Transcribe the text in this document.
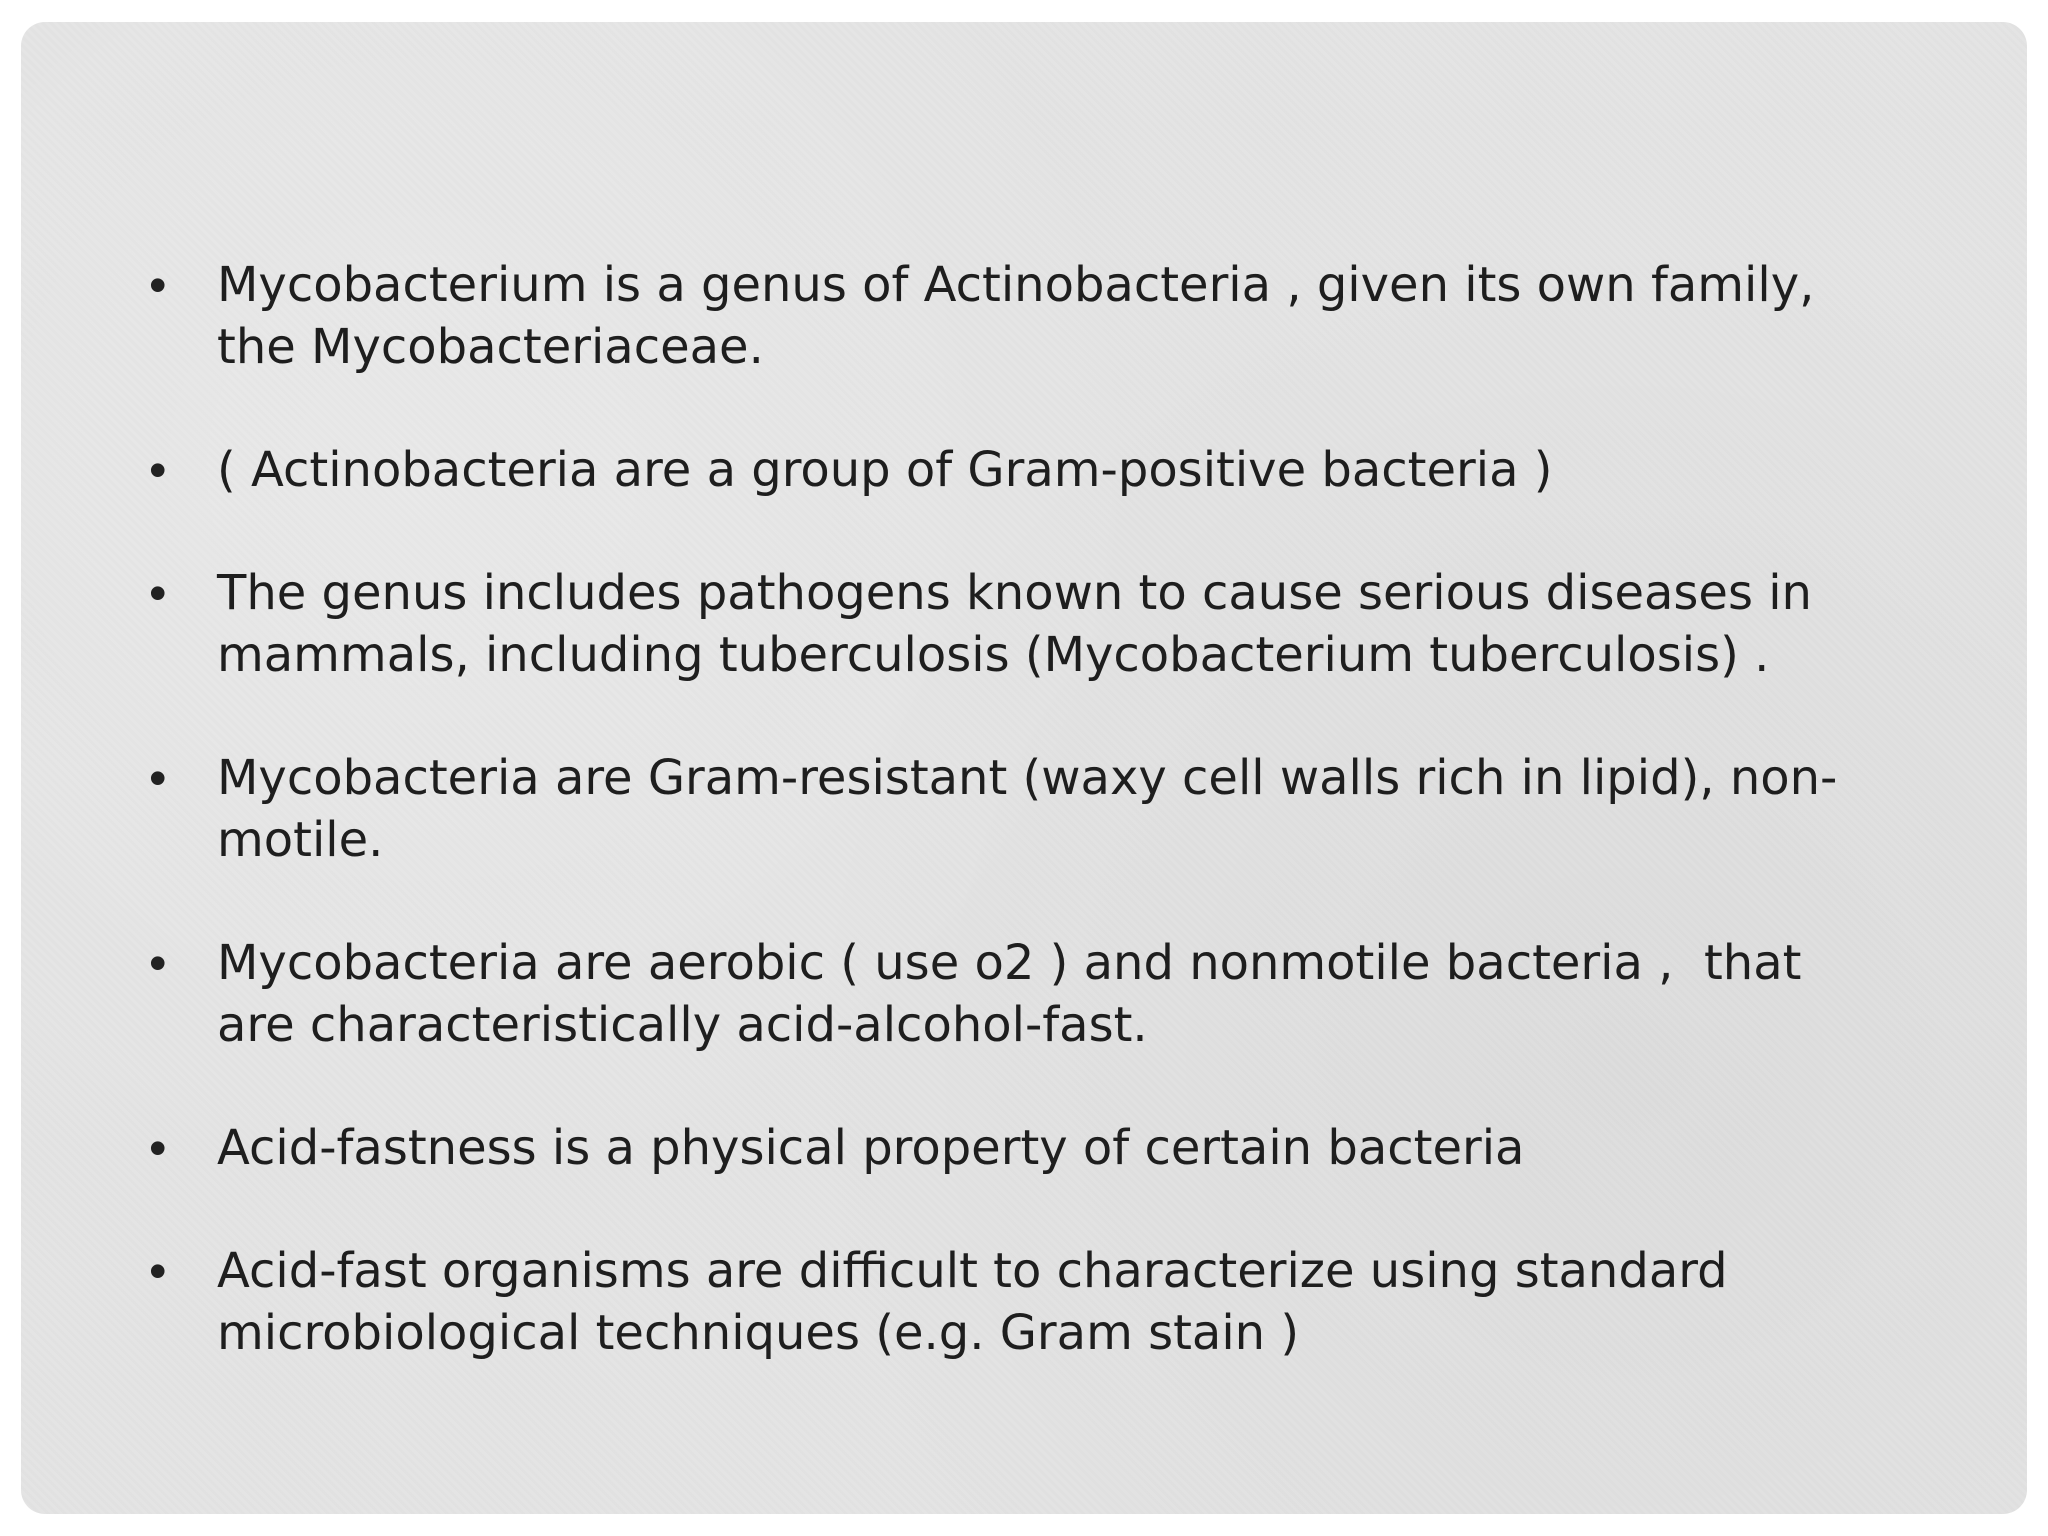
• Mycobacterium is a genus of Actinobacteria , given its own family,
the Mycobacteriaceae.
• ( Actinobacteria are a group of Gram-positive bacteria )
• The genus includes pathogens known to cause serious diseases in
mammals, including tuberculosis (Mycobacterium tuberculosis) .
• Mycobacteria are Gram-resistant (waxy cell walls rich in lipid), non-
motile.
• Mycobacteria are aerobic ( use o2 ) and nonmotile bacteria ,  that
are characteristically acid-alcohol-fast.
• Acid-fastness is a physical property of certain bacteria
• Acid-fast organisms are difficult to characterize using standard
microbiological techniques (e.g. Gram stain )
